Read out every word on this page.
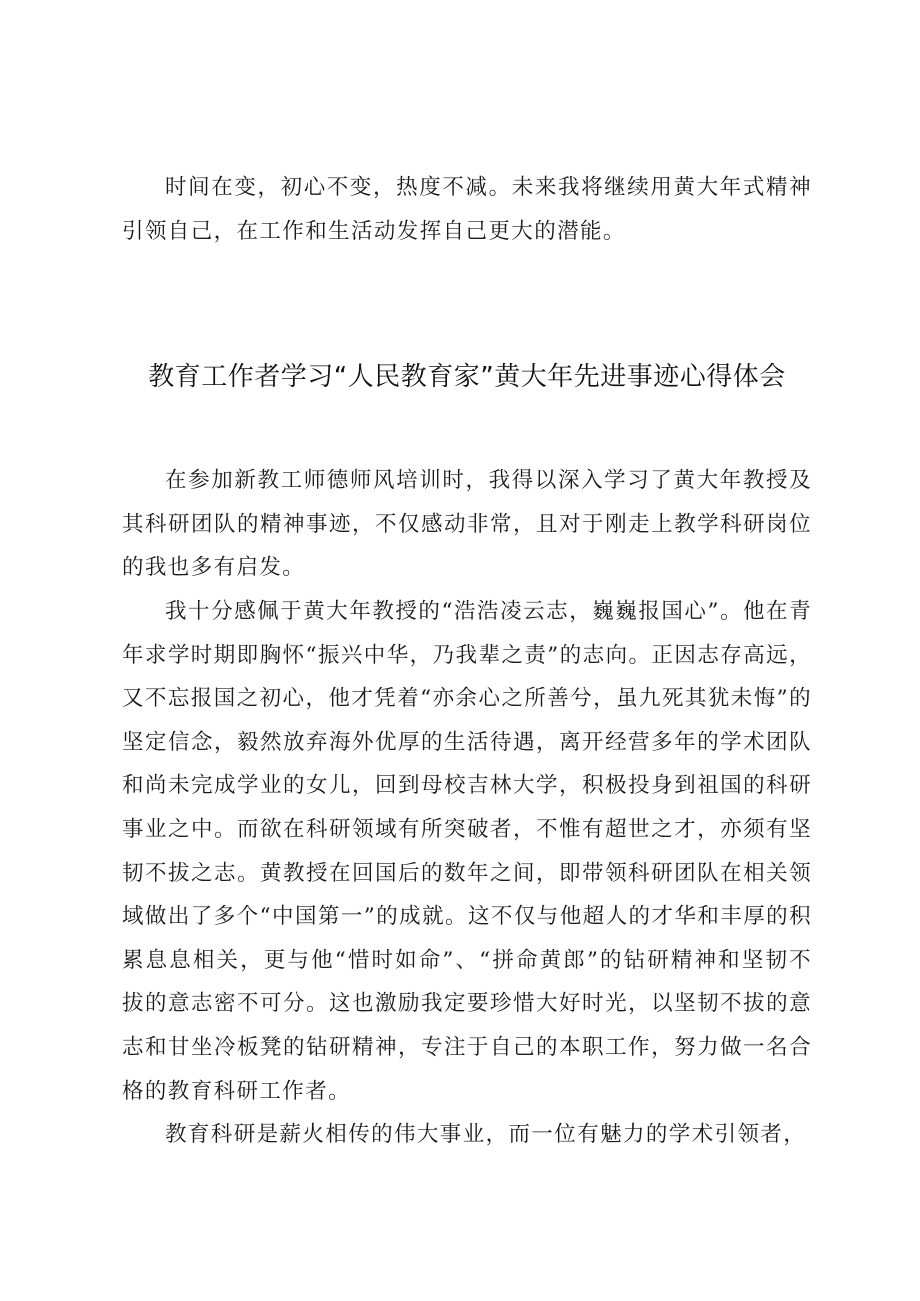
时间在变，初心不变，热度不减。未来我将继续用黄大年式精神引领自己，在工作和生活动发挥自己更大的潜能。

教育工作者学习“人民教育家”黄大年先进事迹心得体会

在参加新教工师德师风培训时，我得以深入学习了黄大年教授及其科研团队的精神事迹，不仅感动非常，且对于刚走上教学科研岗位的我也多有启发。

我十分感佩于黄大年教授的“浩浩凌云志，巍巍报国心”。他在青年求学时期即胸怀“振兴中华，乃我辈之责”的志向。正因志存高远，又不忘报国之初心，他才凭着“亦余心之所善兮，虽九死其犹未悔”的坚定信念，毅然放弃海外优厚的生活待遇，离开经营多年的学术团队和尚未完成学业的女儿，回到母校吉林大学，积极投身到祖国的科研事业之中。而欲在科研领域有所突破者，不惟有超世之才，亦须有坚韧不拔之志。黄教授在回国后的数年之间，即带领科研团队在相关领域做出了多个“中国第一”的成就。这不仅与他超人的才华和丰厚的积累息息相关，更与他“惜时如命”、“拼命黄郎”的钻研精神和坚韧不拔的意志密不可分。这也激励我定要珍惜大好时光，以坚韧不拔的意志和甘坐冷板凳的钻研精神，专注于自己的本职工作，努力做一名合格的教育科研工作者。

教育科研是薪火相传的伟大事业，而一位有魅力的学术引领者，
